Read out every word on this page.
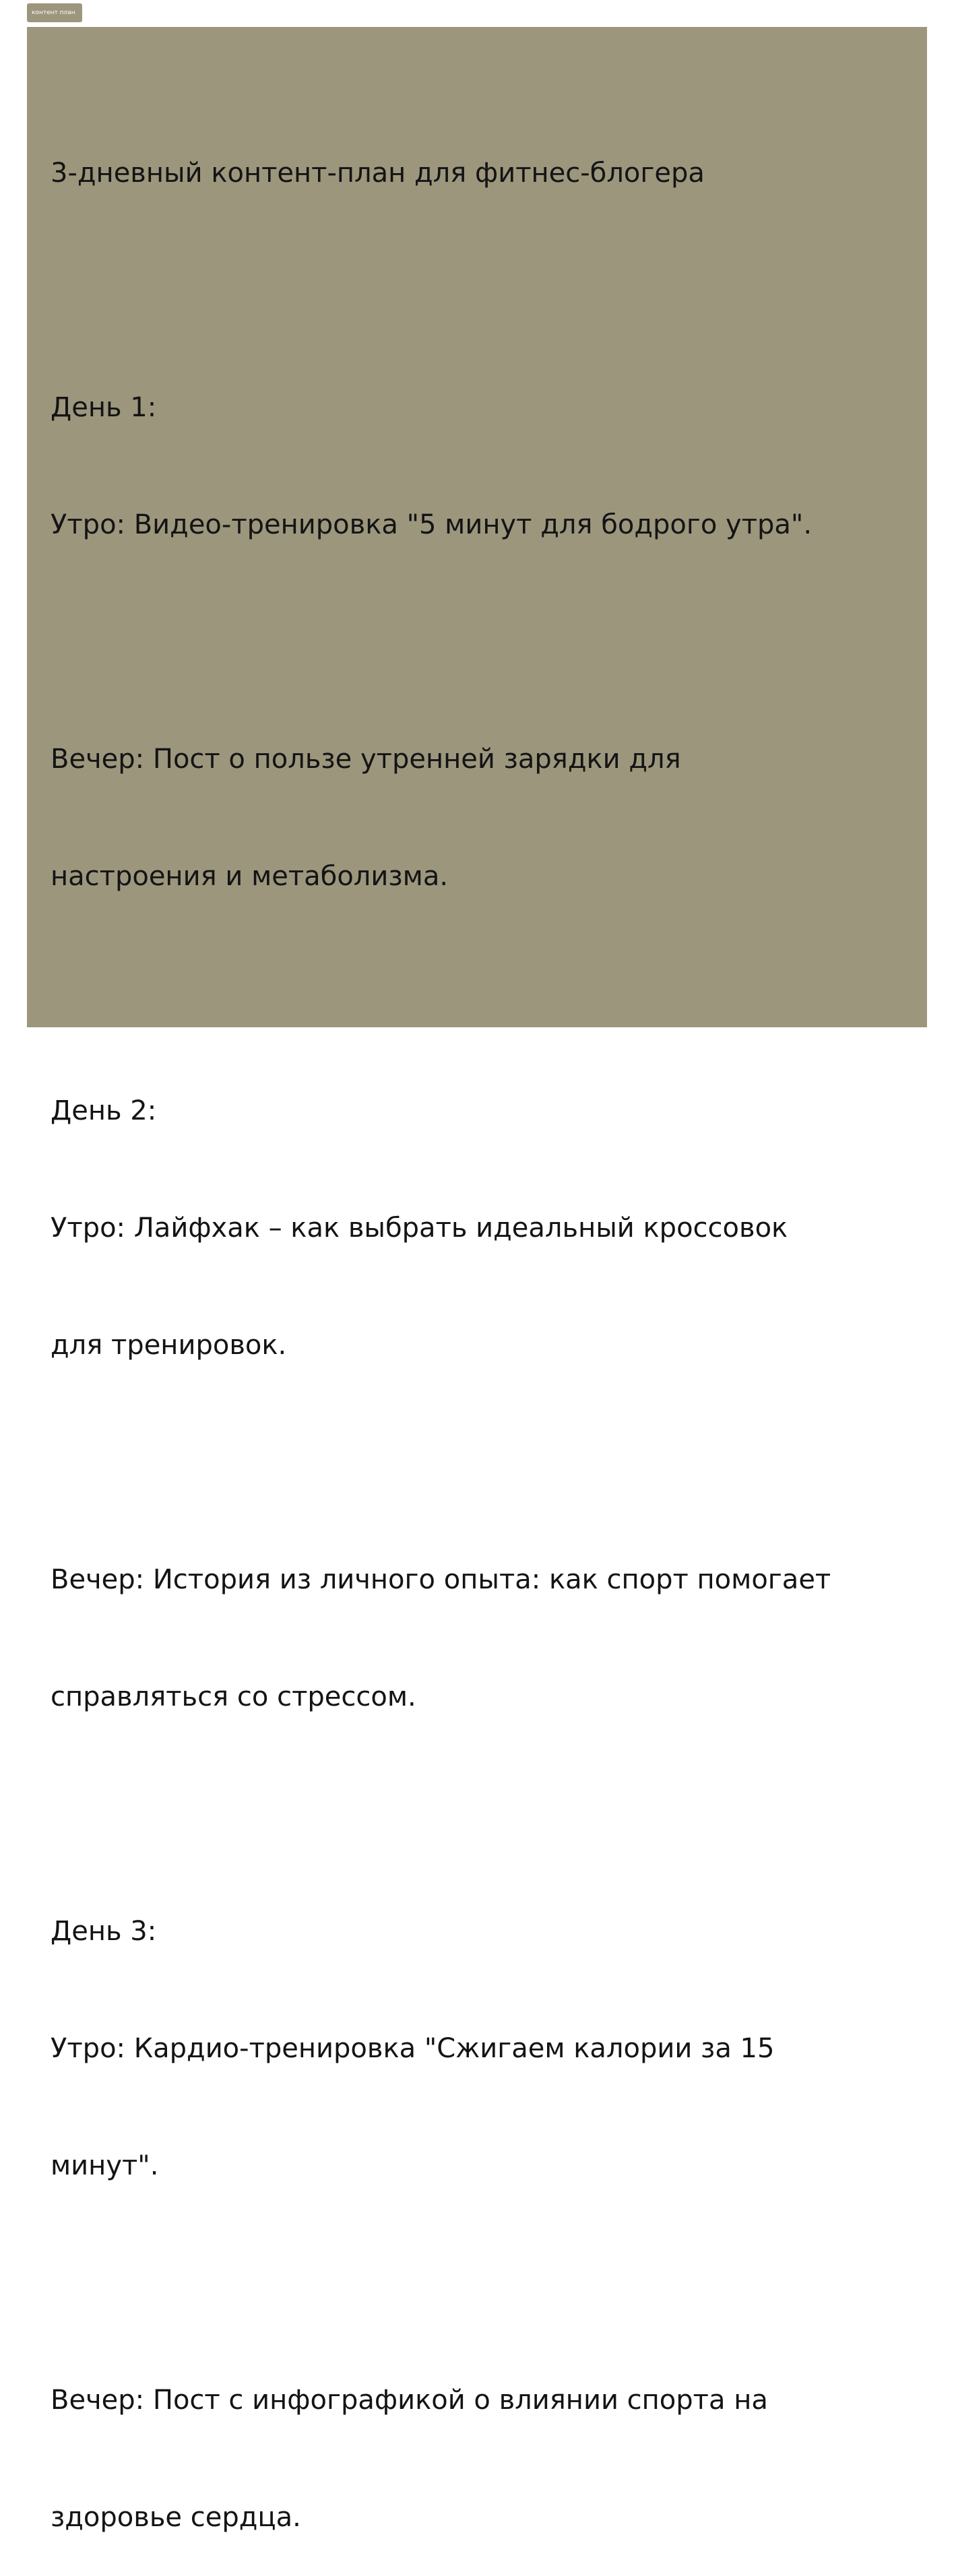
контент план

3-дневный контент-план для фитнес-блогера

День 1:

Утро: Видео-тренировка "5 минут для бодрого утра".

Вечер: Пост о пользе утренней зарядки для

настроения и метаболизма.

День 2:

Утро: Лайфхак – как выбрать идеальный кроссовок

для тренировок.

Вечер: История из личного опыта: как спорт помогает

справляться со стрессом.

День 3:

Утро: Кардио-тренировка "Сжигаем калории за 15

минут".

Вечер: Пост с инфографикой о влиянии спорта на

здоровье сердца.
